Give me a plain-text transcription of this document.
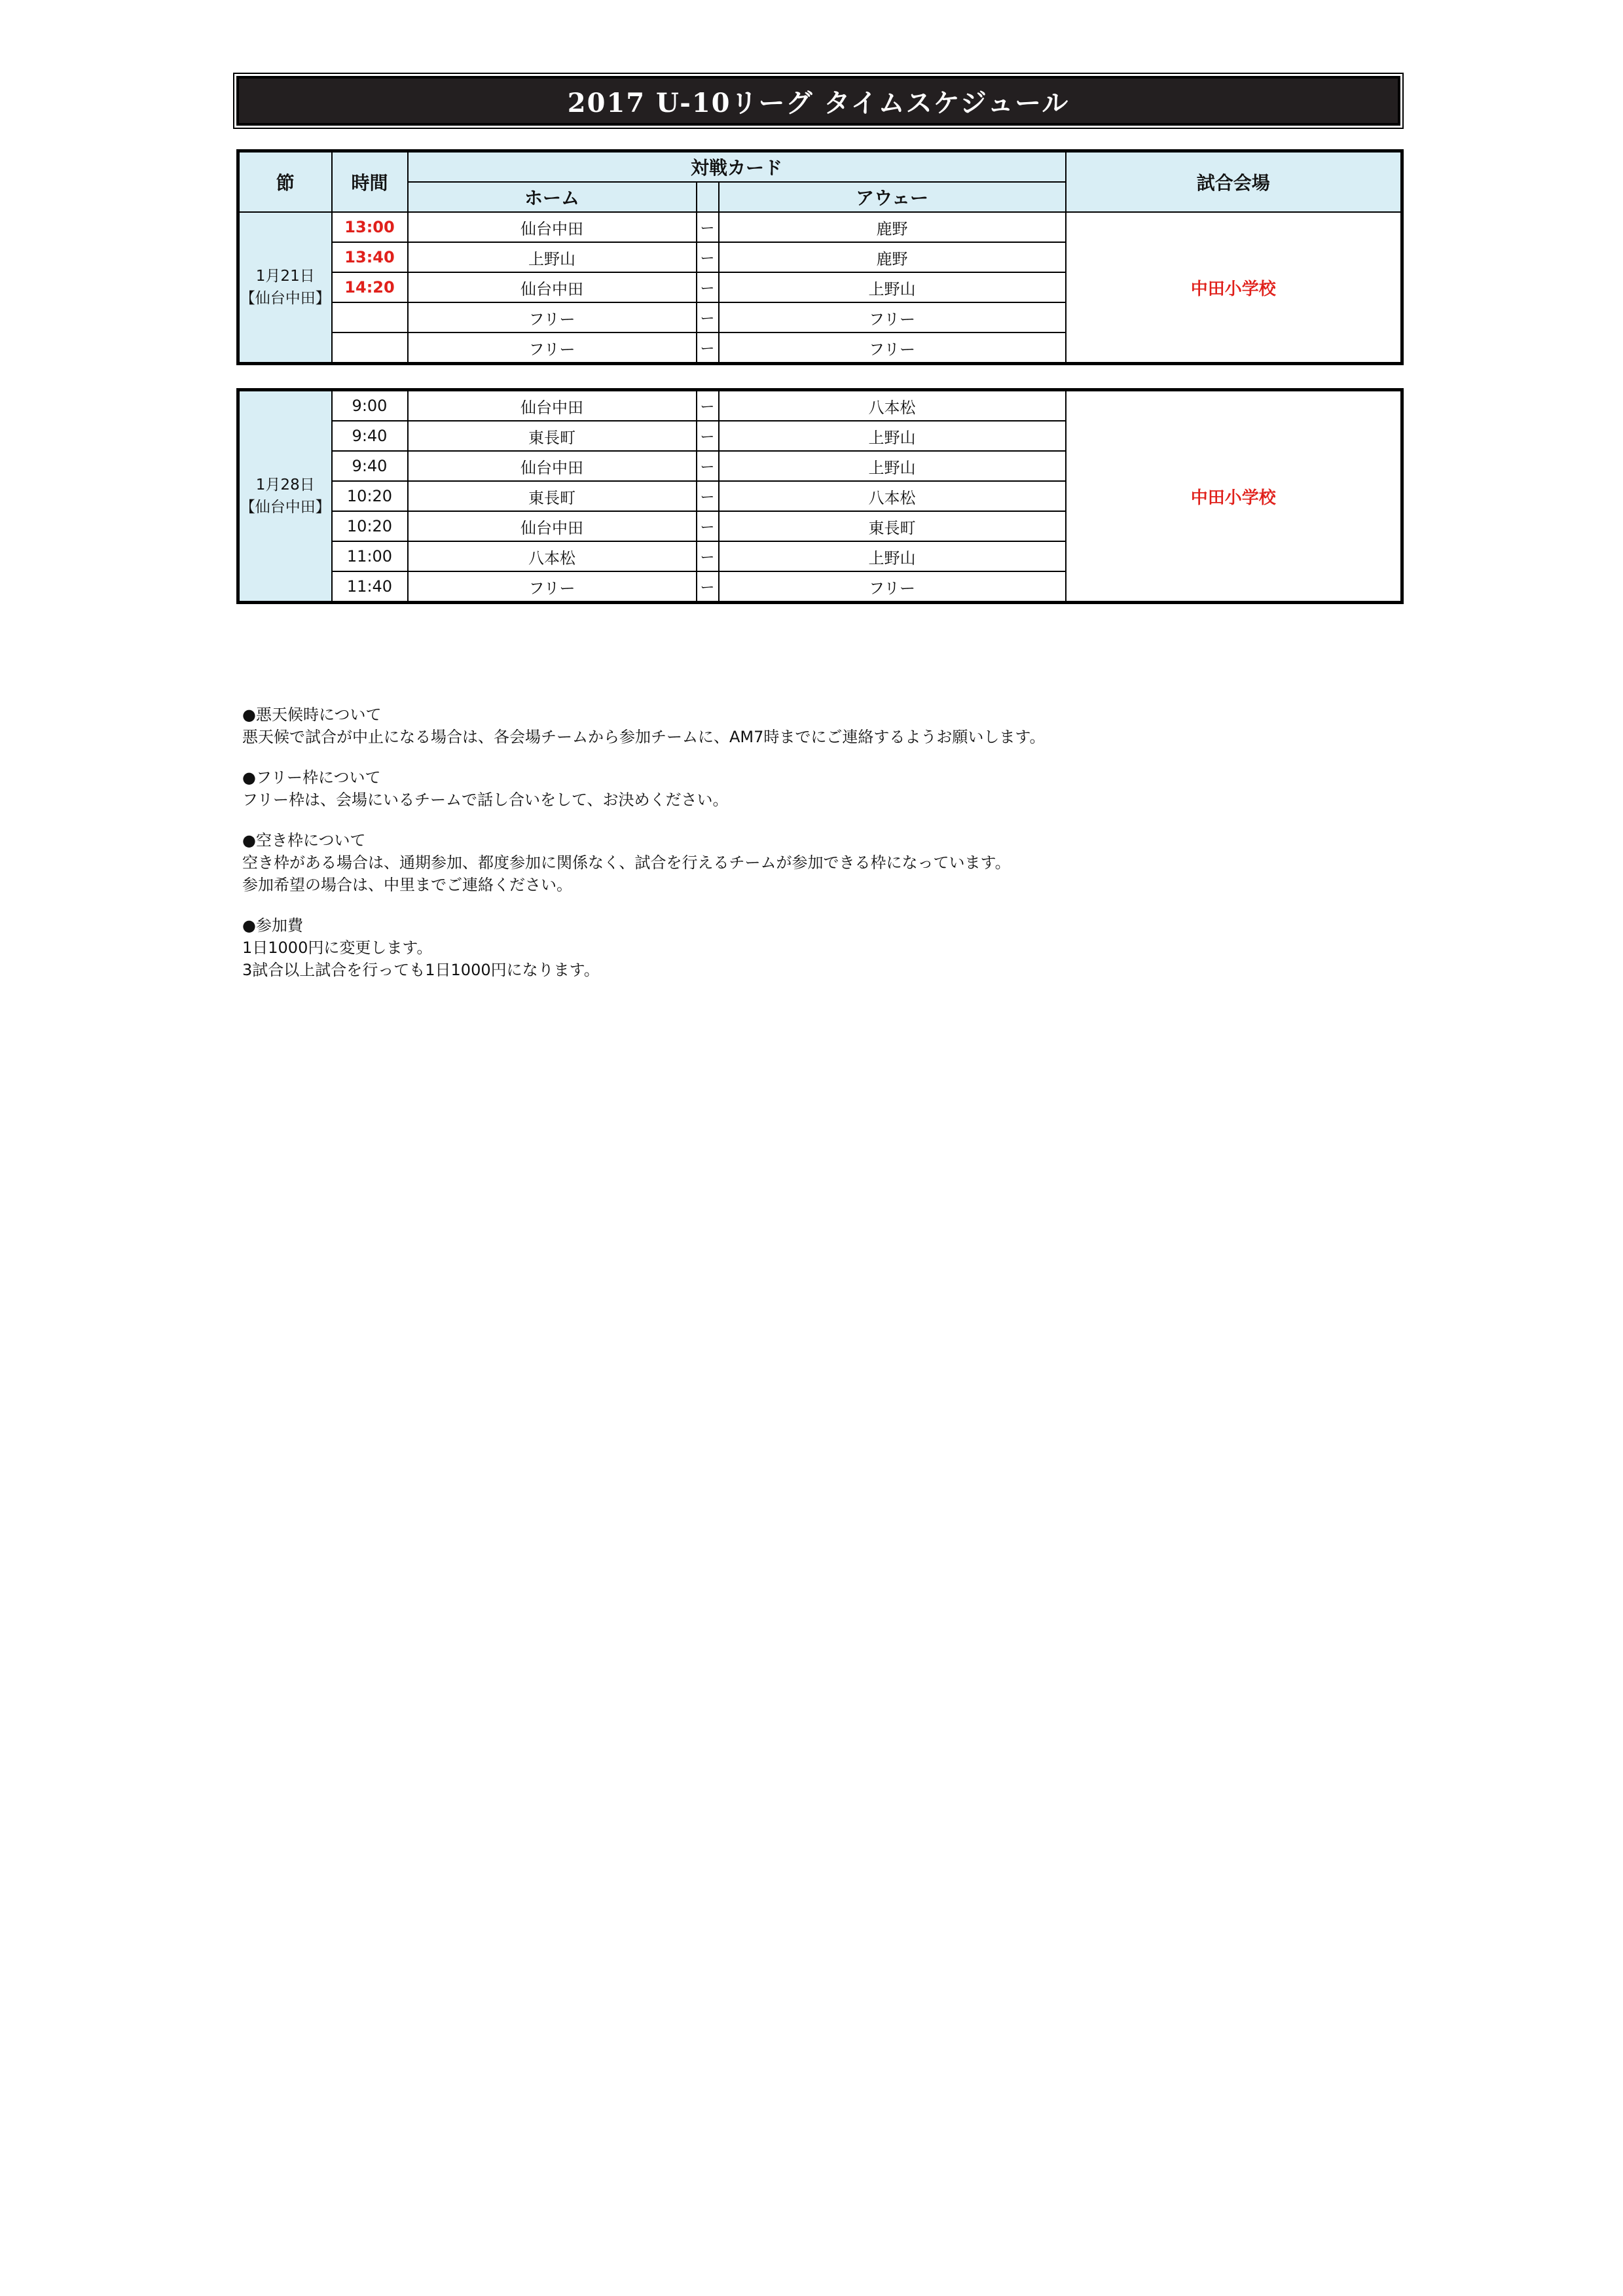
2017 U-10リーグ タイムスケジュール
節	時間	対戦カード			試合会場
		ホーム		アウェー	

1月21日
【仙台中田】	13:00	仙台中田	ー	鹿野	中田小学校
	13:40	上野山	ー	鹿野	
	14:20	仙台中田	ー	上野山	
		フリー	ー	フリー	
		フリー	ー	フリー	
1月28日
【仙台中田】	9:00	仙台中田	ー	八本松	中田小学校
	9:40	東長町	ー	上野山	
	9:40	仙台中田	ー	上野山	
	10:20	東長町	ー	八本松	
	10:20	仙台中田	ー	東長町	
	11:00	八本松	ー	上野山	
	11:40	フリー	ー	フリー	

●悪天候時について

悪天候で試合が中止になる場合は、各会場チームから参加チームに、AM7時までにご連絡するようお願いします。

●フリー枠について

フリー枠は、会場にいるチームで話し合いをして、お決めください。

●空き枠について

空き枠がある場合は、通期参加、都度参加に関係なく、試合を行えるチームが参加できる枠になっています。

参加希望の場合は、中里までご連絡ください。

●参加費

1日1000円に変更します。

3試合以上試合を行っても1日1000円になります。
